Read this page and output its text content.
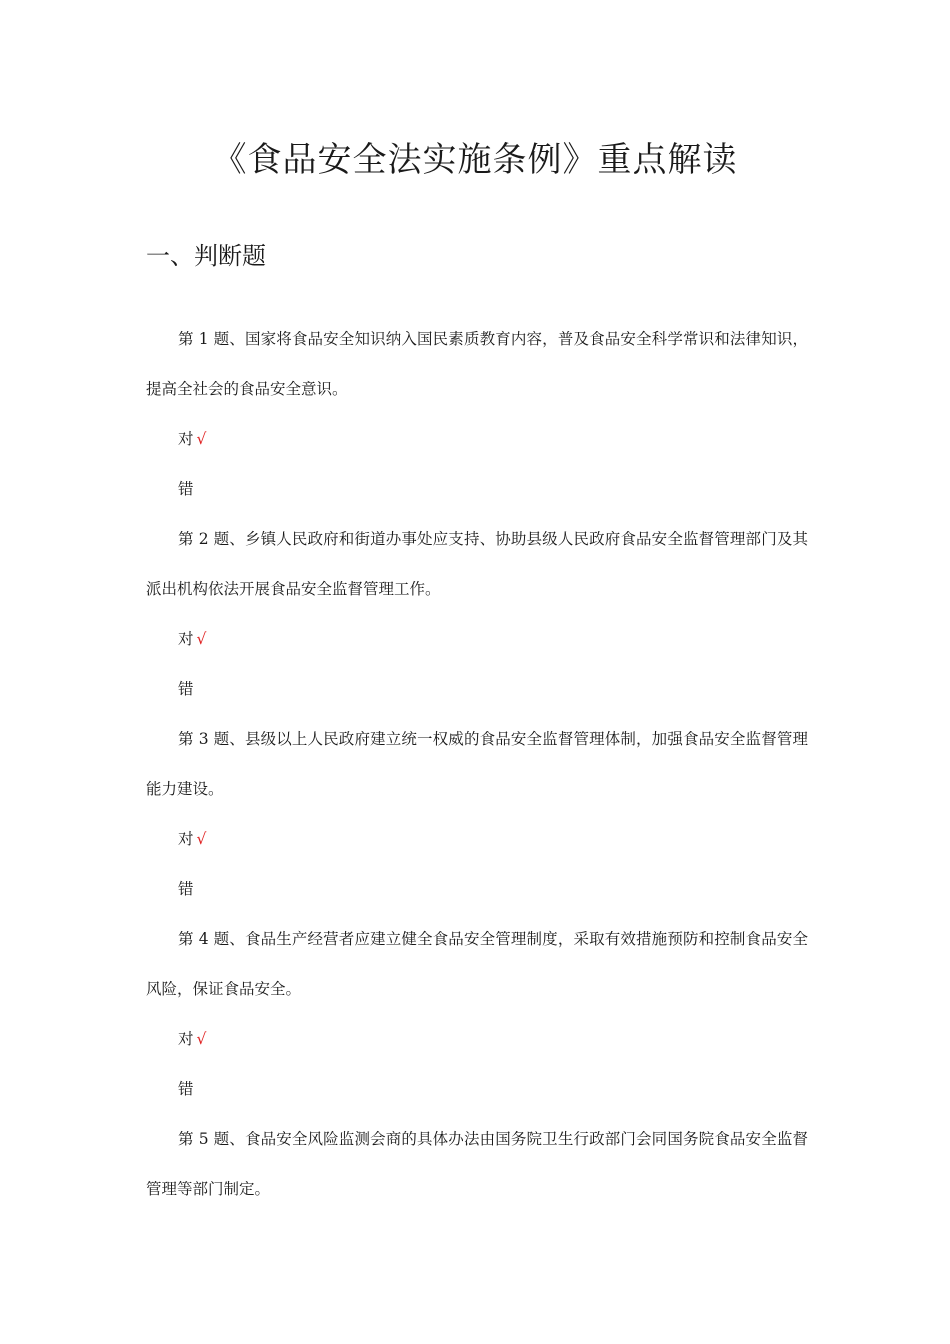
《食品安全法实施条例》重点解读
一、判断题

第 1 题、国家将食品安全知识纳入国民素质教育内容，普及食品安全科学常识和法律知识，提高全社会的食品安全意识。

对 √

错

第 2 题、乡镇人民政府和街道办事处应支持、协助县级人民政府食品安全监督管理部门及其派出机构依法开展食品安全监督管理工作。

对 √

错

第 3 题、县级以上人民政府建立统一权威的食品安全监督管理体制，加强食品安全监督管理能力建设。

对 √

错

第 4 题、食品生产经营者应建立健全食品安全管理制度，采取有效措施预防和控制食品安全风险，保证食品安全。

对 √

错

第 5 题、食品安全风险监测会商的具体办法由国务院卫生行政部门会同国务院食品安全监督管理等部门制定。
